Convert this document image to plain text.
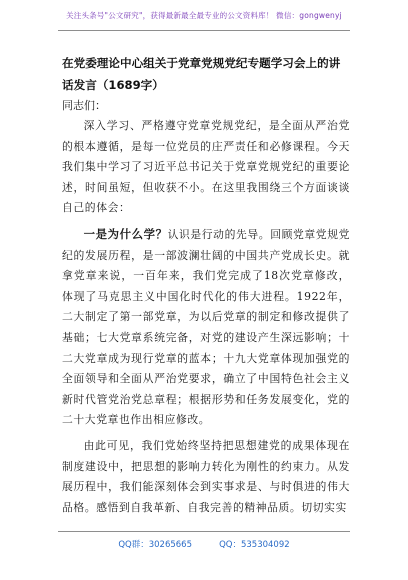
关注头条号"公文研究"，获得最新最全最专业的公文资料库！ 微信：gongwenyj

在党委理论中心组关于党章党规党纪专题学习会上的讲话发言（1689字）

同志们：

深入学习、严格遵守党章党规党纪，是全面从严治党的根本遵循，是每一位党员的庄严责任和必修课程。今天我们集中学习了习近平总书记关于党章党规党纪的重要论述，时间虽短，但收获不小。在这里我围绕三个方面谈谈自己的体会：

一是为什么学？认识是行动的先导。回顾党章党规党纪的发展历程，是一部波澜壮阔的中国共产党成长史。就拿党章来说，一百年来，我们党完成了18次党章修改，体现了马克思主义中国化时代化的伟大进程。1922年，二大制定了第一部党章，为以后党章的制定和修改提供了基础；七大党章系统完备，对党的建设产生深远影响；十二大党章成为现行党章的蓝本；十九大党章体现加强党的全面领导和全面从严治党要求，确立了中国特色社会主义新时代管党治党总章程；根据形势和任务发展变化，党的二十大党章也作出相应修改。

由此可见，我们党始终坚持把思想建党的成果体现在制度建设中，把思想的影响力转化为刚性的约束力。从发展历程中，我们能深刻体会到实事求是、与时俱进的伟大品格。感悟到自我革新、自我完善的精神品质。切切实实

QQ群：30265665	QQ：535304092
